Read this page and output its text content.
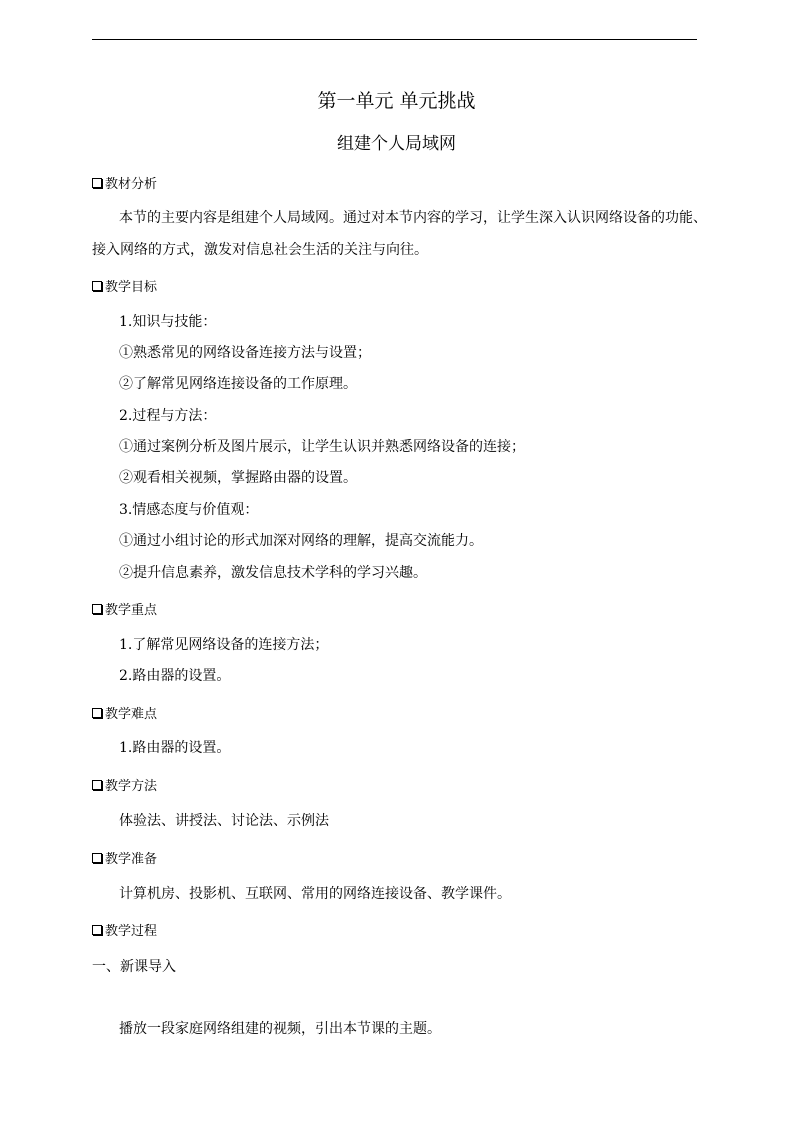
第一单元 单元挑战
组建个人局域网
教材分析
本节的主要内容是组建个人局域网。通过对本节内容的学习，让学生深入认识网络设备的功能、
接入网络的方式，激发对信息社会生活的关注与向往。
教学目标
1.知识与技能：
①熟悉常见的网络设备连接方法与设置；
②了解常见网络连接设备的工作原理。
2.过程与方法：
①通过案例分析及图片展示，让学生认识并熟悉网络设备的连接；
②观看相关视频，掌握路由器的设置。
3.情感态度与价值观：
①通过小组讨论的形式加深对网络的理解，提高交流能力。
②提升信息素养，激发信息技术学科的学习兴趣。
教学重点
1.了解常见网络设备的连接方法；
2.路由器的设置。
教学难点
1.路由器的设置。
教学方法
体验法、讲授法、讨论法、示例法
教学准备
计算机房、投影机、互联网、常用的网络连接设备、教学课件。
教学过程
一、新课导入
播放一段家庭网络组建的视频，引出本节课的主题。
